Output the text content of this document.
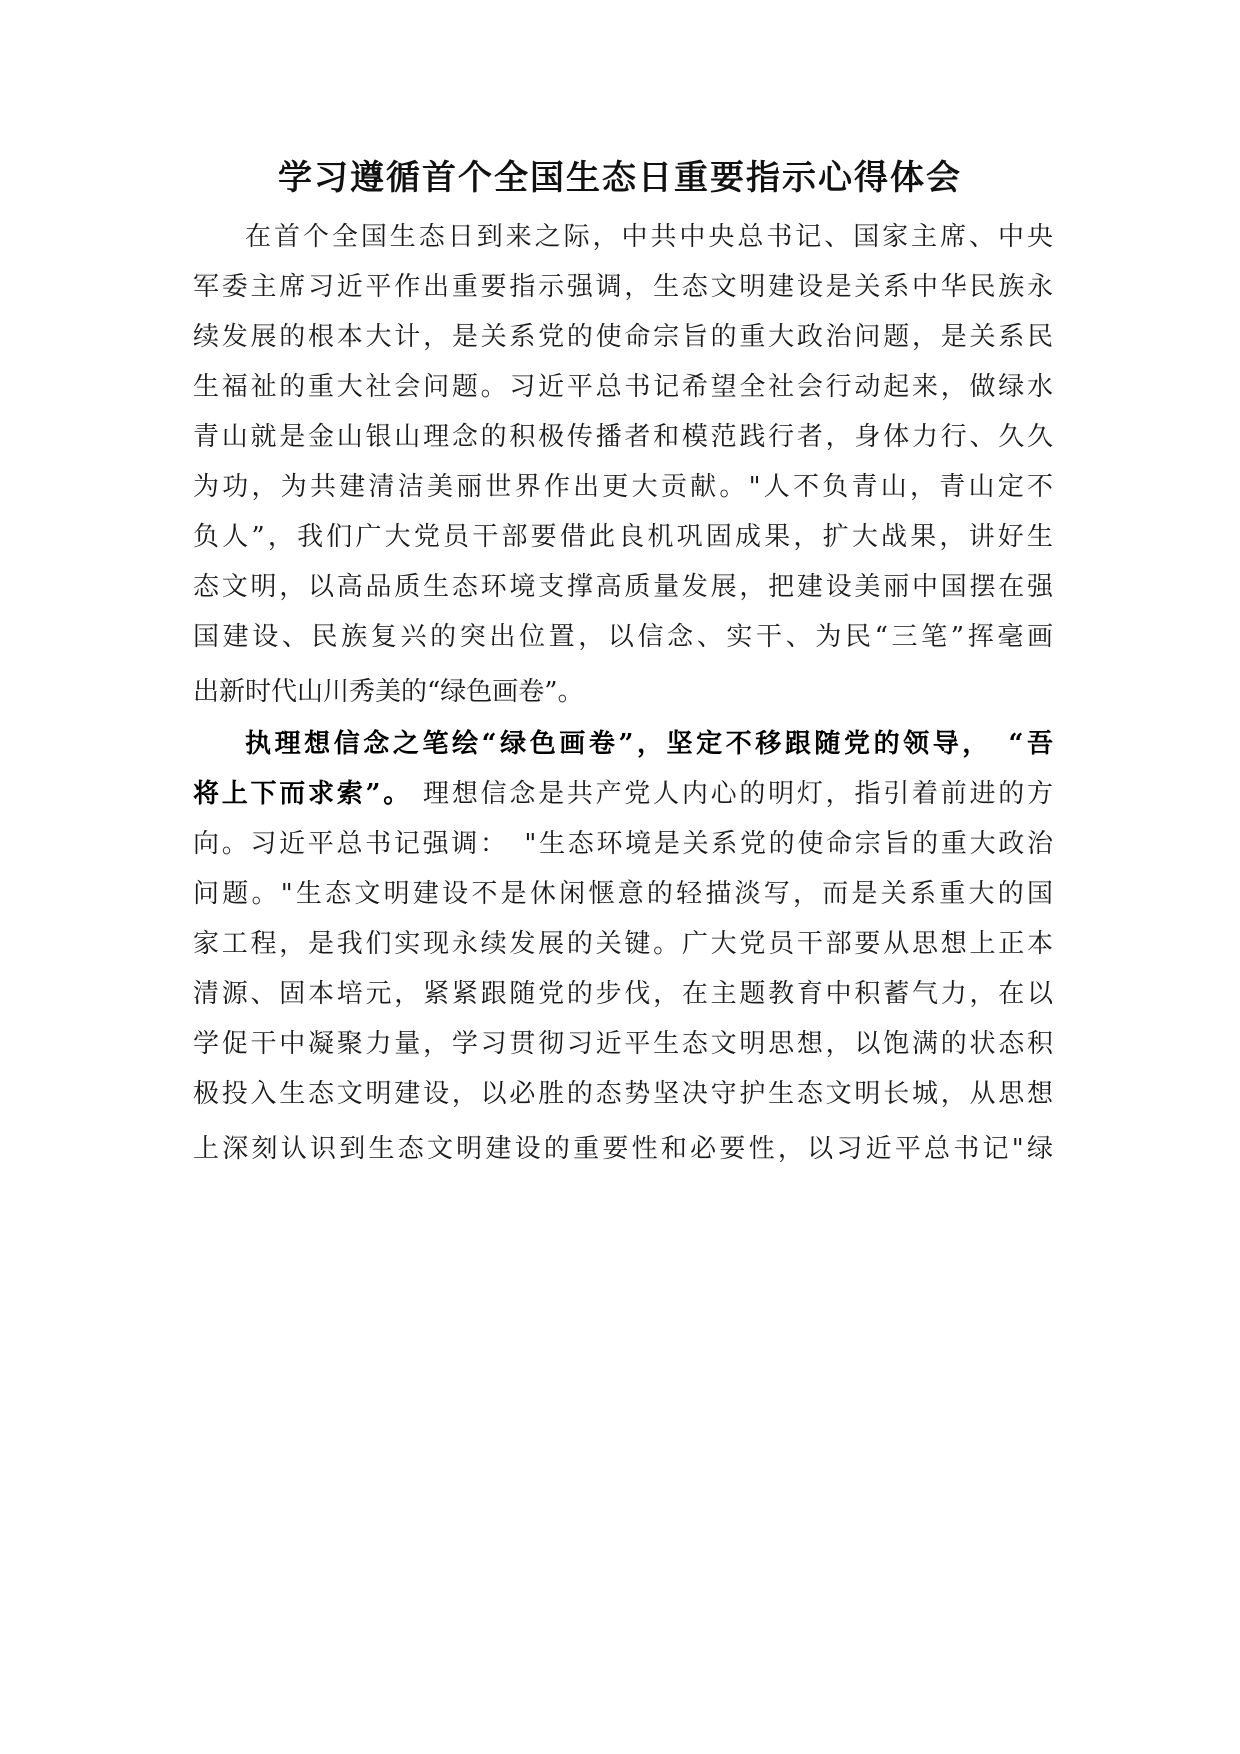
学习遵循首个全国生态日重要指示心得体会
在首个全国生态日到来之际，中共中央总书记、国家主席、中央
军委主席习近平作出重要指示强调，生态文明建设是关系中华民族永
续发展的根本大计，是关系党的使命宗旨的重大政治问题，是关系民
生福祉的重大社会问题。习近平总书记希望全社会行动起来，做绿水
青山就是金山银山理念的积极传播者和模范践行者，身体力行、久久
为功，为共建清洁美丽世界作出更大贡献。"人不负青山，青山定不
负人”，我们广大党员干部要借此良机巩固成果，扩大战果，讲好生
态文明，以高品质生态环境支撑高质量发展，把建设美丽中国摆在强
国建设、民族复兴的突出位置，以信念、实干、为民“三笔”挥毫画
出新时代山川秀美的“绿色画卷”。
执理想信念之笔绘“绿色画卷”，坚定不移跟随党的领导，　“吾
将上下而求索”。 理想信念是共产党人内心的明灯，指引着前进的方
向。习近平总书记强调：　"生态环境是关系党的使命宗旨的重大政治
问题。"生态文明建设不是休闲惬意的轻描淡写，而是关系重大的国
家工程，是我们实现永续发展的关键。广大党员干部要从思想上正本
清源、固本培元，紧紧跟随党的步伐，在主题教育中积蓄气力，在以
学促干中凝聚力量，学习贯彻习近平生态文明思想，以饱满的状态积
极投入生态文明建设，以必胜的态势坚决守护生态文明长城，从思想
上深刻认识到生态文明建设的重要性和必要性，以习近平总书记"绿
